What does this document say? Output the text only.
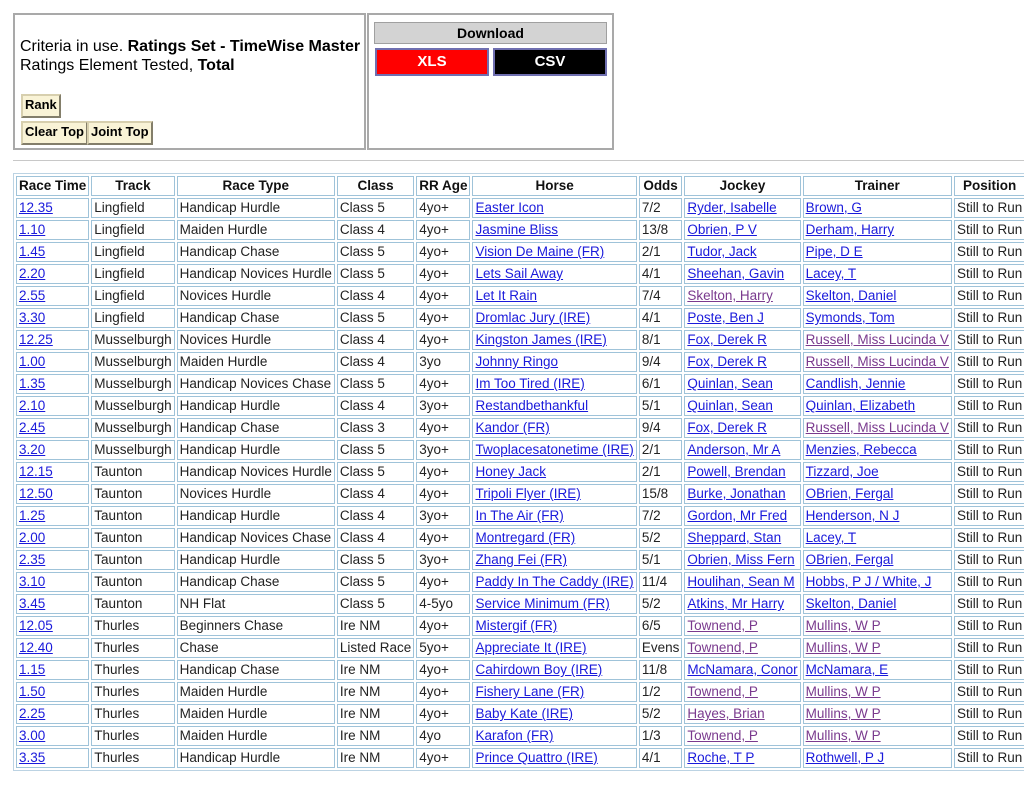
Criteria in use. Ratings Set - TimeWise Master
Ratings Element Tested, Total
Rank
Clear Top Joint Top
Download
XLS	CSV
Race Time	Track	Race Type	Class	RR Age	Horse	Odds	Jockey	Trainer	Position
12.35	Lingfield	Handicap Hurdle	Class 5	4yo+	Easter Icon	7/2	Ryder, Isabelle	Brown, G	Still to Run
1.10	Lingfield	Maiden Hurdle	Class 4	4yo+	Jasmine Bliss	13/8	Obrien, P V	Derham, Harry	Still to Run
1.45	Lingfield	Handicap Chase	Class 5	4yo+	Vision De Maine (FR)	2/1	Tudor, Jack	Pipe, D E	Still to Run
2.20	Lingfield	Handicap Novices Hurdle	Class 5	4yo+	Lets Sail Away	4/1	Sheehan, Gavin	Lacey, T	Still to Run
2.55	Lingfield	Novices Hurdle	Class 4	4yo+	Let It Rain	7/4	Skelton, Harry	Skelton, Daniel	Still to Run
3.30	Lingfield	Handicap Chase	Class 5	4yo+	Dromlac Jury (IRE)	4/1	Poste, Ben J	Symonds, Tom	Still to Run
12.25	Musselburgh	Novices Hurdle	Class 4	4yo+	Kingston James (IRE)	8/1	Fox, Derek R	Russell, Miss Lucinda V	Still to Run
1.00	Musselburgh	Maiden Hurdle	Class 4	3yo	Johnny Ringo	9/4	Fox, Derek R	Russell, Miss Lucinda V	Still to Run
1.35	Musselburgh	Handicap Novices Chase	Class 5	4yo+	Im Too Tired (IRE)	6/1	Quinlan, Sean	Candlish, Jennie	Still to Run
2.10	Musselburgh	Handicap Hurdle	Class 4	3yo+	Restandbethankful	5/1	Quinlan, Sean	Quinlan, Elizabeth	Still to Run
2.45	Musselburgh	Handicap Chase	Class 3	4yo+	Kandor (FR)	9/4	Fox, Derek R	Russell, Miss Lucinda V	Still to Run
3.20	Musselburgh	Handicap Hurdle	Class 5	3yo+	Twoplacesatonetime (IRE)	2/1	Anderson, Mr A	Menzies, Rebecca	Still to Run
12.15	Taunton	Handicap Novices Hurdle	Class 5	4yo+	Honey Jack	2/1	Powell, Brendan	Tizzard, Joe	Still to Run
12.50	Taunton	Novices Hurdle	Class 4	4yo+	Tripoli Flyer (IRE)	15/8	Burke, Jonathan	OBrien, Fergal	Still to Run
1.25	Taunton	Handicap Hurdle	Class 4	3yo+	In The Air (FR)	7/2	Gordon, Mr Fred	Henderson, N J	Still to Run
2.00	Taunton	Handicap Novices Chase	Class 4	4yo+	Montregard (FR)	5/2	Sheppard, Stan	Lacey, T	Still to Run
2.35	Taunton	Handicap Hurdle	Class 5	3yo+	Zhang Fei (FR)	5/1	Obrien, Miss Fern	OBrien, Fergal	Still to Run
3.10	Taunton	Handicap Chase	Class 5	4yo+	Paddy In The Caddy (IRE)	11/4	Houlihan, Sean M	Hobbs, P J / White, J	Still to Run
3.45	Taunton	NH Flat	Class 5	4-5yo	Service Minimum (FR)	5/2	Atkins, Mr Harry	Skelton, Daniel	Still to Run
12.05	Thurles	Beginners Chase	Ire NM	4yo+	Mistergif (FR)	6/5	Townend, P	Mullins, W P	Still to Run
12.40	Thurles	Chase	Listed Race	5yo+	Appreciate It (IRE)	Evens	Townend, P	Mullins, W P	Still to Run
1.15	Thurles	Handicap Chase	Ire NM	4yo+	Cahirdown Boy (IRE)	11/8	McNamara, Conor	McNamara, E	Still to Run
1.50	Thurles	Maiden Hurdle	Ire NM	4yo+	Fishery Lane (FR)	1/2	Townend, P	Mullins, W P	Still to Run
2.25	Thurles	Maiden Hurdle	Ire NM	4yo+	Baby Kate (IRE)	5/2	Hayes, Brian	Mullins, W P	Still to Run
3.00	Thurles	Maiden Hurdle	Ire NM	4yo	Karafon (FR)	1/3	Townend, P	Mullins, W P	Still to Run
3.35	Thurles	Handicap Hurdle	Ire NM	4yo+	Prince Quattro (IRE)	4/1	Roche, T P	Rothwell, P J	Still to Run
